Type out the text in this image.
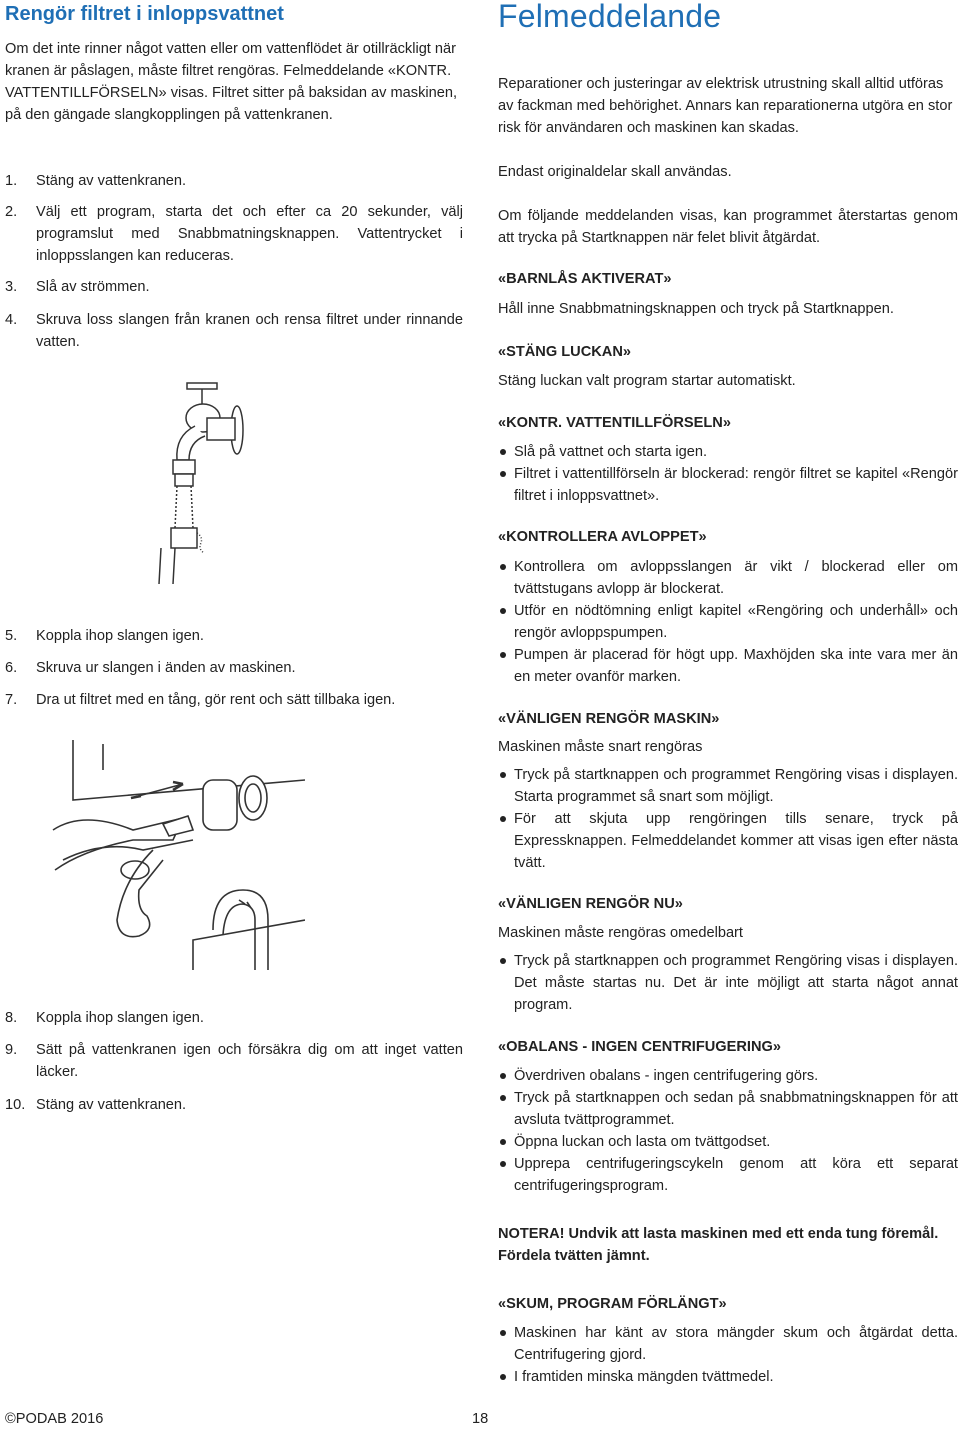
Rengör filtret i inloppsvattnet
Om det inte rinner något vatten eller om vattenflödet är otillräckligt när kranen är påslagen, måste filtret rengöras. Felmeddelande «KONTR. VATTENTILLFÖRSELN» visas. Filtret sitter på baksidan av maskinen, på den gängade slangkopplingen på vattenkranen.
1.	Stäng av vattenkranen.
2.	Välj ett program, starta det och efter ca 20 sekunder, välj programslut med Snabbmatningsknappen. Vattentrycket i inloppsslangen kan reduceras.
3.	Slå av strömmen.
4.	Skruva loss slangen från kranen och rensa filtret under rinnande vatten.
5.	Koppla ihop slangen igen.
6.	Skruva ur slangen i änden av maskinen.
7.	Dra ut filtret med en tång, gör rent och sätt tillbaka igen.
8.	Koppla ihop slangen igen.
9.	Sätt på vattenkranen igen och försäkra dig om att inget vatten läcker.
10. Stäng av vattenkranen.
Felmeddelande
Reparationer och justeringar av elektrisk utrustning skall alltid utföras av fackman med behörighet. Annars kan reparationerna utgöra en stor risk för användaren och maskinen kan skadas.
Endast originaldelar skall användas.
Om följande meddelanden visas, kan programmet återstartas genom att trycka på Startknappen när felet blivit åtgärdat.
«BARNLÅS AKTIVERAT»
Håll inne Snabbmatningsknappen och tryck på Startknappen.
«STÄNG LUCKAN»
Stäng luckan valt program startar automatiskt.
«KONTR. VATTENTILLFÖRSELN»
Slå på vattnet och starta igen.
Filtret i vattentillförseln är blockerad: rengör filtret se kapitel «Rengör filtret i inloppsvattnet».
«KONTROLLERA AVLOPPET»
Kontrollera om avloppsslangen är vikt / blockerad eller om tvättstugans avlopp är blockerat.
Utför en nödtömning enligt kapitel «Rengöring och underhåll» och rengör avloppspumpen.
Pumpen är placerad för högt upp. Maxhöjden ska inte vara mer än en meter ovanför marken.
«VÄNLIGEN RENGÖR MASKIN»
Maskinen måste snart rengöras
Tryck på startknappen och programmet Rengöring visas i displayen. Starta programmet så snart som möjligt.
För att skjuta upp rengöringen tills senare, tryck på Expressknappen. Felmeddelandet kommer att visas igen efter nästa tvätt.
«VÄNLIGEN RENGÖR NU»
Maskinen måste rengöras omedelbart
Tryck på startknappen och programmet Rengöring visas i displayen. Det måste startas nu. Det är inte möjligt att starta något annat program.
«OBALANS - INGEN CENTRIFUGERING»
Överdriven obalans - ingen centrifugering görs.
Tryck på startknappen och sedan på snabbmatningsknappen för att avsluta tvättprogrammet.
Öppna luckan och lasta om tvättgodset.
Upprepa centrifugeringscykeln genom att köra ett separat centrifugeringsprogram.
NOTERA! Undvik att lasta maskinen med ett enda tung föremål. Fördela tvätten jämnt.
«SKUM, PROGRAM FÖRLÄNGT»
Maskinen har känt av stora mängder skum och åtgärdat detta. Centrifugering gjord.
I framtiden minska mängden tvättmedel.
©PODAB 2016	18
